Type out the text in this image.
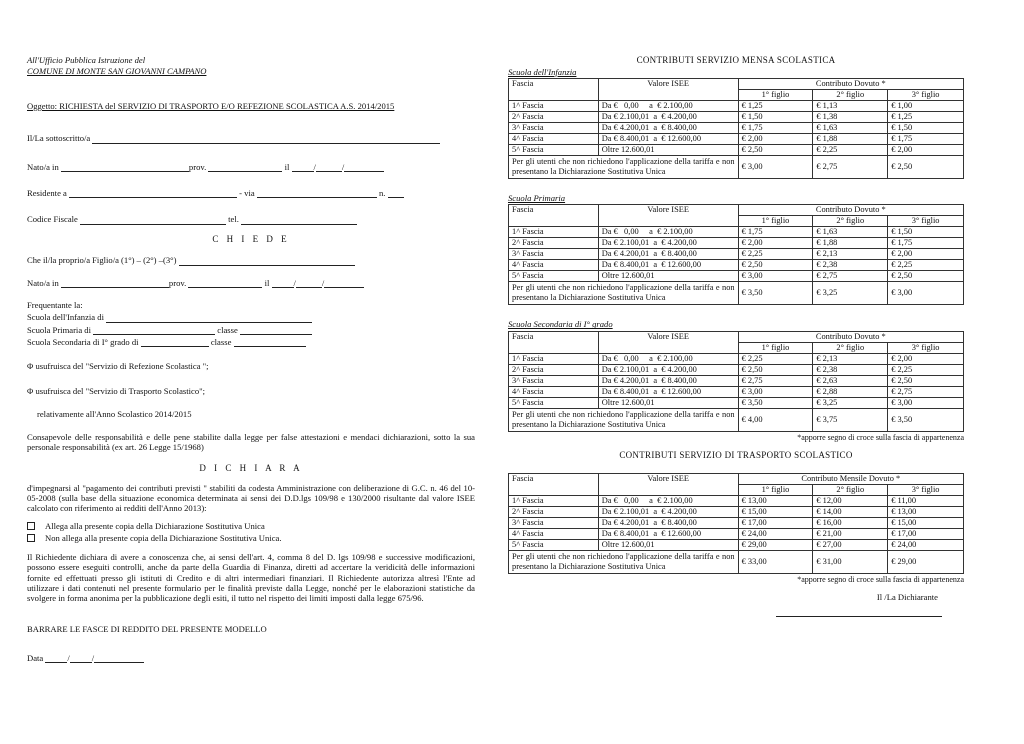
All'Ufficio Pubblica Istruzione del
COMUNE DI MONTE SAN GIOVANNI CAMPANO
Oggetto: RICHIESTA del SERVIZIO DI TRASPORTO E/O REFEZIONE SCOLASTICA A.S. 2014/2015
Il/La sottoscritto/a
Nato/a in	prov.	il	/	/
Residente a	- via	n.
Codice Fiscale	tel.
C H I E D E
Che il/la proprio/a Figlio/a (1°) – (2°) –(3°)
Nato/a in	prov.	il	/	/
Frequentante la:
Scuola dell'Infanzia di
Scuola Primaria di	classe
Scuola Secondaria di I° grado di	classe
Φ usufruisca del "Servizio di Refezione Scolastica ";
Φ usufruisca del "Servizio di Trasporto Scolastico";
relativamente all'Anno Scolastico 2014/2015
Consapevole delle responsabilità e delle pene stabilite dalla legge per false attestazioni e mendaci dichiarazioni, sotto la sua personale responsabilità (ex art. 26 Legge 15/1968)
D I C H I A R A
d'impegnarsi al "pagamento dei contributi previsti " stabiliti da codesta Amministrazione con deliberazione di G.C. n. 46 del 10-05-2008 (sulla base della situazione economica determinata ai sensi dei D.D.lgs 109/98 e 130/2000 risultante dal valore ISEE calcolato con riferimento ai redditi dell'Anno 2013):
Allega alla presente copia della Dichiarazione Sostitutiva Unica
Non allega alla presente copia della Dichiarazione Sostitutiva Unica.
Il Richiedente dichiara di avere a conoscenza che, ai sensi dell'art. 4, comma 8 del D. lgs 109/98 e successive modificazioni, possono essere eseguiti controlli, anche da parte della Guardia di Finanza, diretti ad accertare la veridicità delle informazioni fornite ed effettuati presso gli istituti di Credito e di altri intermediari finanziari. Il Richiedente autorizza altresì l'Ente ad utilizzare i dati contenuti nel presente formulario per le finalità previste dalla Legge, nonché per le elaborazioni statistiche da svolgere in forma anonima per la pubblicazione degli esiti, il tutto nel rispetto dei limiti imposti dalla legge 675/96.
BARRARE LE FASCE DI REDDITO DEL PRESENTE MODELLO
Data	/	/
CONTRIBUTI SERVIZIO MENSA SCOLASTICA
Scuola dell'Infanzia
Fascia	Valore ISEE	Contributo Dovuto *		
		1° figlio	2° figlio	3° figlio
1^ Fascia	Da €   0,00     a  € 2.100,00	€ 1,25	€ 1,13	€ 1,00
2^ Fascia	Da € 2.100,01  a  € 4.200,00	€ 1,50	€ 1,38	€ 1,25
3^ Fascia	Da € 4.200,01  a  € 8.400,00	€ 1,75	€ 1,63	€ 1,50
4^ Fascia	Da € 8.400,01  a  € 12.600,00	€ 2,00	€ 1,88	€ 1,75
5^ Fascia	Oltre 12.600,01	€ 2,50	€ 2,25	€ 2,00
Per gli utenti che non richiedono l'applicazione della tariffa e non presentano la Dichiarazione Sostitutiva Unica		€ 3,00	€ 2,75	€ 2,50
Scuola Primaria
Fascia	Valore ISEE	Contributo Dovuto *		
		1° figlio	2° figlio	3° figlio
1^ Fascia	Da €   0,00     a  € 2.100,00	€ 1,75	€ 1,63	€ 1,50
2^ Fascia	Da € 2.100,01  a  € 4.200,00	€ 2,00	€ 1,88	€ 1,75
3^ Fascia	Da € 4.200,01  a  € 8.400,00	€ 2,25	€ 2,13	€ 2,00
4^ Fascia	Da € 8.400,01  a  € 12.600,00	€ 2,50	€ 2,38	€ 2,25
5^ Fascia	Oltre 12.600,01	€ 3,00	€ 2,75	€ 2,50
Per gli utenti che non richiedono l'applicazione della tariffa e non presentano la Dichiarazione Sostitutiva Unica		€ 3,50	€ 3,25	€ 3,00
Scuola Secondaria di I° grado
Fascia	Valore ISEE	Contributo Dovuto *		
		1° figlio	2° figlio	3° figlio
1^ Fascia	Da €   0,00     a  € 2.100,00	€ 2,25	€ 2,13	€ 2,00
2^ Fascia	Da € 2.100,01  a  € 4.200,00	€ 2,50	€ 2,38	€ 2,25
3^ Fascia	Da € 4.200,01  a  € 8.400,00	€ 2,75	€ 2,63	€ 2,50
4^ Fascia	Da € 8.400,01  a  € 12.600,00	€ 3,00	€ 2,88	€ 2,75
5^ Fascia	Oltre 12.600,01	€ 3,50	€ 3,25	€ 3,00
Per gli utenti che non richiedono l'applicazione della tariffa e non presentano la Dichiarazione Sostitutiva Unica		€ 4,00	€ 3,75	€ 3,50
*apporre segno di croce sulla fascia di appartenenza
CONTRIBUTI SERVIZIO DI TRASPORTO SCOLASTICO
Fascia	Valore ISEE	Contributo Mensile Dovuto *		
		1° figlio	2° figlio	3° figlio
1^ Fascia	Da €   0,00     a  € 2.100,00	€ 13,00	€ 12,00	€ 11,00
2^ Fascia	Da € 2.100,01  a  € 4.200,00	€ 15,00	€ 14,00	€ 13,00
3^ Fascia	Da € 4.200,01  a  € 8.400,00	€ 17,00	€ 16,00	€ 15,00
4^ Fascia	Da € 8.400,01  a  € 12.600,00	€ 24,00	€ 21,00	€ 17,00
5^ Fascia	Oltre 12.600,01	€ 29,00	€ 27,00	€ 24,00
Per gli utenti che non richiedono l'applicazione della tariffa e non presentano la Dichiarazione Sostitutiva Unica		€ 33,00	€ 31,00	€ 29,00
*apporre segno di croce sulla fascia di appartenenza
Il /La Dichiarante
